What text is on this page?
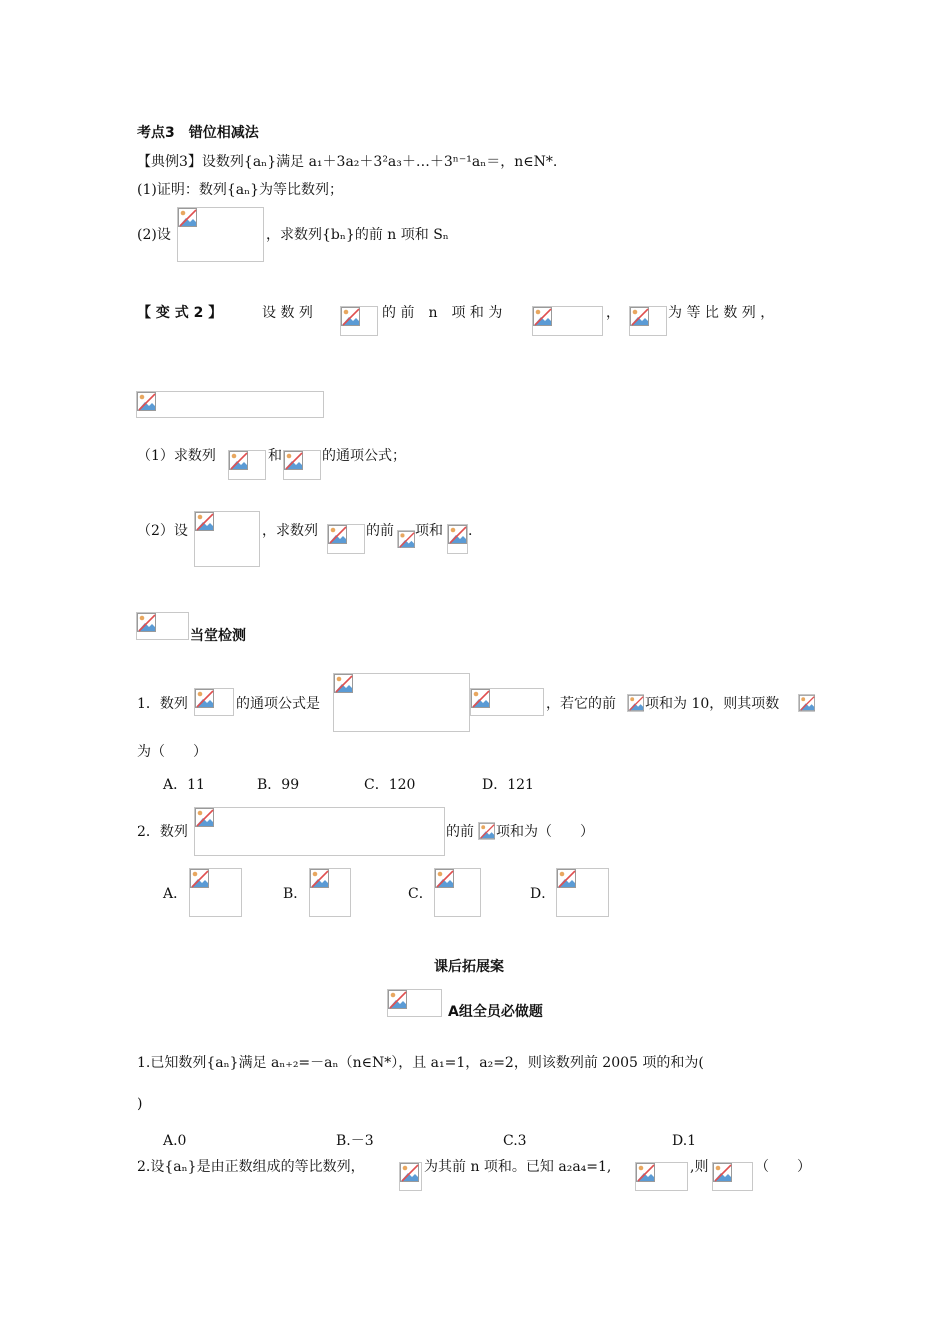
考点3　错位相减法
【典例3】设数列{aₙ}满足 a₁＋3a₂＋3²a₃＋…＋3ⁿ⁻¹aₙ＝，n∈N*.
(1)证明：数列{aₙ}为等比数列；
(2)设	，求数列{bₙ}的前 n 项和 Sₙ
【 变 式 2 】	设 数 列	的 前　n　项 和 为	，	为 等 比 数 列 ，
（1）求数列	和	的通项公式；
（2）设	，求数列	的前 项和 .
当堂检测
1．数列	的通项公式是	，若它的前 项和为 10，则其项数
为（　　）
A．11	B．99	C．120	D．121
2．数列	的前 项和为（　　）
A．	B．	C．	D．
课后拓展案
A组全员必做题
1.已知数列{aₙ}满足 aₙ₊₂=－aₙ（n∈N*），且 a₁=1，a₂=2，则该数列前 2005 项的和为(
)
A.0	B.－3	C.3	D.1
2.设{aₙ}是由正数组成的等比数列，	为其前 n 项和。已知 a₂a₄=1,	,则	（　　）
